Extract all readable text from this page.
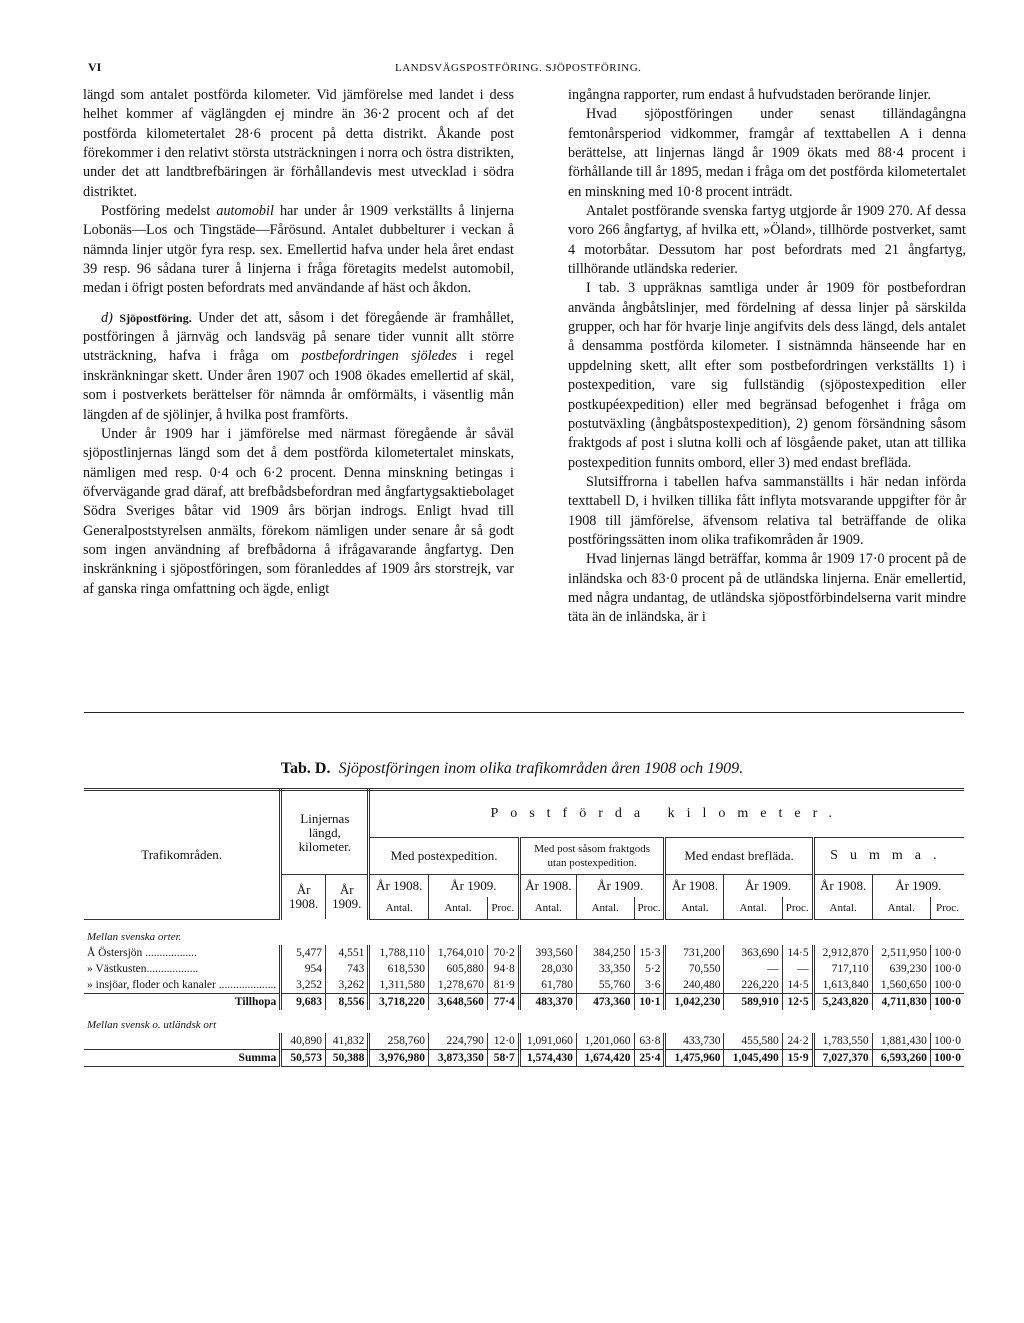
VI	LANDSVÄGSPOSTFÖRING. SJÖPOSTFÖRING.

längd som antalet postförda kilometer. Vid jämförelse med landet i dess helhet kommer af väglängden ej mindre än 36·2 procent och af det postförda kilometertalet 28·6 procent på detta distrikt. Åkande post förekommer i den relativt största utsträckningen i norra och östra distrikten, under det att landtbrefbäringen är förhållandevis mest utvecklad i södra distriktet.

Postföring medelst automobil har under år 1909 verkställts å linjerna Lobonäs—Los och Tingstäde—Fårösund. Antalet dubbelturer i veckan å nämnda linjer utgör fyra resp. sex. Emellertid hafva under hela året endast 39 resp. 96 sådana turer å linjerna i fråga företagits medelst automobil, medan i öfrigt posten befordrats med användande af häst och åkdon.

d) Sjöpostföring. Under det att, såsom i det föregående är framhållet, postföringen å järnväg och landsväg på senare tider vunnit allt större utsträckning, hafva i fråga om postbefordringen sjöledes i regel inskränkningar skett. Under åren 1907 och 1908 ökades emellertid af skäl, som i postverkets berättelser för nämnda år omförmälts, i väsentlig mån längden af de sjölinjer, å hvilka post framförts.

Under år 1909 har i jämförelse med närmast föregående år såväl sjöpostlinjernas längd som det å dem postförda kilometertalet minskats, nämligen med resp. 0·4 och 6·2 procent. Denna minskning betingas i öfvervägande grad däraf, att brefbådsbefordran med ångfartygsaktiebolaget Södra Sveriges båtar vid 1909 års början indrogs. Enligt hvad till Generalpoststyrelsen anmälts, förekom nämligen under senare år så godt som ingen användning af brefbådorna å ifrågavarande ångfartyg. Den inskränkning i sjöpostföringen, som föranleddes af 1909 års storstrejk, var af ganska ringa omfattning och ägde, enligt

ingångna rapporter, rum endast å hufvudstaden berörande linjer.

Hvad sjöpostföringen under senast tilländagångna femtonårsperiod vidkommer, framgår af texttabellen A i denna berättelse, att linjernas längd år 1909 ökats med 88·4 procent i förhållande till år 1895, medan i fråga om det postförda kilometertalet en minskning med 10·8 procent inträdt.

Antalet postförande svenska fartyg utgjorde år 1909 270. Af dessa voro 266 ångfartyg, af hvilka ett, »Öland», tillhörde postverket, samt 4 motorbåtar. Dessutom har post befordrats med 21 ångfartyg, tillhörande utländska rederier.

I tab. 3 uppräknas samtliga under år 1909 för postbefordran använda ångbåtslinjer, med fördelning af dessa linjer på särskilda grupper, och har för hvarje linje angifvits dels dess längd, dels antalet å densamma postförda kilometer. I sistnämnda hänseende har en uppdelning skett, allt efter som postbefordringen verkställts 1) i postexpedition, vare sig fullständig (sjöpostexpedition eller postkupéexpedition) eller med begränsad befogenhet i fråga om postutväxling (ångbåtspostexpedition), 2) genom försändning såsom fraktgods af post i slutna kolli och af lösgående paket, utan att tillika postexpedition funnits ombord, eller 3) med endast brefläda.

Slutsiffrorna i tabellen hafva sammanställts i här nedan införda texttabell D, i hvilken tillika fått inflyta motsvarande uppgifter för år 1908 till jämförelse, äfvensom relativa tal beträffande de olika postföringssätten inom olika trafikområden år 1909.

Hvad linjernas längd beträffar, komma år 1909 17·0 procent på de inländska och 83·0 procent på de utländska linjerna. Enär emellertid, med några undantag, de utländska sjöpostförbindelserna varit mindre täta än de inländska, är i

Tab. D. Sjöpostföringen inom olika trafikområden åren 1908 och 1909.
Trafikområden.	Linjernas längd, kilometer.		Postförda kilometer.											
			Med postexpedition.			Med post såsom fraktgods utan postexpedition.			Med endast brefläda.			Summa.		
	År 1908.	År 1909.	År 1908.	År 1909.		År 1908.	År 1909.		År 1908.	År 1909.		År 1908.	År 1909.	
			Antal.	Antal.	Proc.	Antal.	Antal.	Proc.	Antal.	Antal.	Proc.	Antal.	Antal.	Proc.
Mellan svenska orter.														
Å Östersjön ..................	5,477	4,551	1,788,110	1,764,010	70·2	393,560	384,250	15·3	731,200	363,690	14·5	2,912,870	2,511,950	100·0
» Västkusten..................	954	743	618,530	605,880	94·8	28,030	33,350	5·2	70,550	—	—	717,110	639,230	100·0
» insjöar, floder och kanaler ....................	3,252	3,262	1,311,580	1,278,670	81·9	61,780	55,760	3·6	240,480	226,220	14·5	1,613,840	1,560,650	100·0
Tillhopa	9,683	8,556	3,718,220	3,648,560	77·4	483,370	473,360	10·1	1,042,230	589,910	12·5	5,243,820	4,711,830	100·0
Mellan svensk o. utländsk ort														
	40,890	41,832	258,760	224,790	12·0	1,091,060	1,201,060	63·8	433,730	455,580	24·2	1,783,550	1,881,430	100·0
Summa	50,573	50,388	3,976,980	3,873,350	58·7	1,574,430	1,674,420	25·4	1,475,960	1,045,490	15·9	7,027,370	6,593,260	100·0
